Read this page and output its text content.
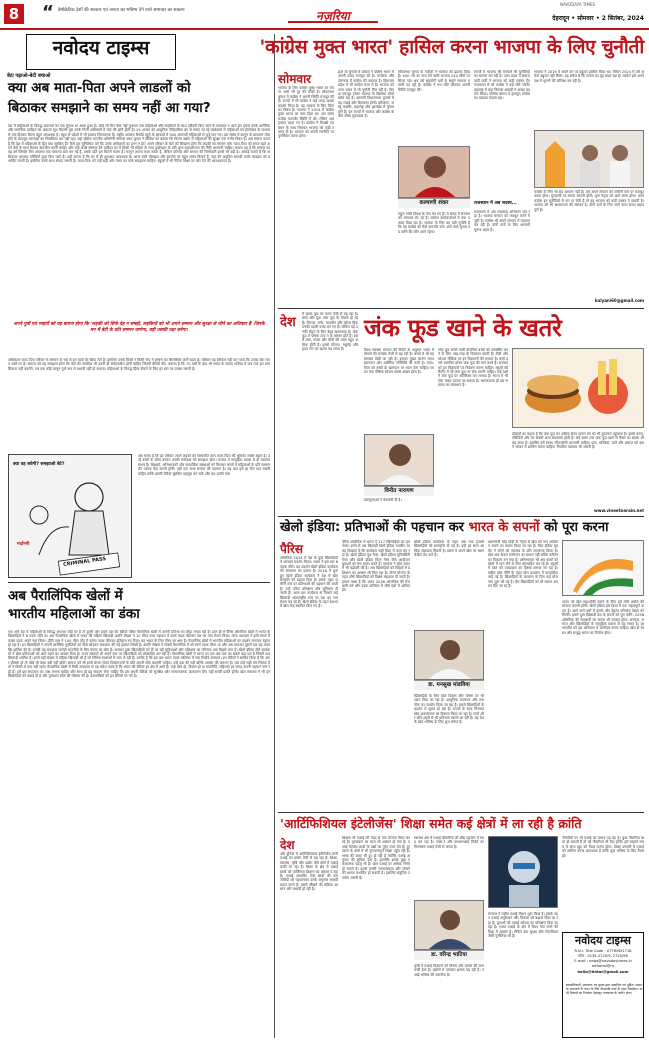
8	डेमोक्रेटिक देशों की सरकार एवं जनता का भविष्य देने वाले समाचार का संकल्प
“	नज़रिया
NAVODAYA TIMES
देहरादून • सोमवार • 2 सितंबर, 2024
नवोदय टाइम्स
बेटा पढ़ाओ-बेटी बचाओ
क्या अब माता-पिता अपने लाडलों को
बिठाकर समझाने का समय नहीं आ गया?
देश में महिलाओं के विरुद्ध अपराधों का एक सुचक था आया हुआ है। कोई भी दिन ऐसा नहीं गुजरता जब महिलाओं और लड़कियों के साथ दरिंदगी किए जाने के समाचार न आते हों। इससे उनके शारीरिक और मानसिक उत्पीड़न का अंदाजा सुध कितनी बुरा उनके निजी अधिकारों में चोट की हानि होती है। 29 अगस्त को आधुनिक ऐतिहासिक ढंग से मनाए जा रहे कार्यक्रमों में महिलाओं को होतोत्सव के माध्यम से एक हितकर बैठना बहुत आवश्यक है। बहुत से प्रदेशों में भी हालात चिंताजनक हैं। राष्ट्रीय अपराध रिकॉर्ड ब्यूरो के आंकड़ों में 300 अपराधी महिलाओं से जुड़े पाए गए। इस संबंध में कानून के प्रावधान ठोस होने के बावजूद घटनाओं का सिलसिला थम नहीं रहा। यहां दक्षिण भारतीय अभिनेत्री राधिका सरत कुमार ने मीडिया को बताया कि फिल्म उद्योग में महिलाओं की सुरक्षा एक गंभीर विषय है। अब सवाल उठता है कि देश में महिलाओं के हित क्या सुरक्षित हैं? कैसे हम सुनिश्चित करें कि उनके अधिकारों का हनन न हो? अपने परिवार के बेटों को सिखाना होगा कि लड़की का सम्मान करें। माता-पिता को समय रहते अपने बेटों के साथ बैठकर बातचीत करनी चाहिए और उन्हें अच्छे संस्कार देने चाहिए। घर में किसी भी महिला के साथ दुर्व्यवहार के प्रति शून्य सहनशीलता की नीति अपनानी चाहिए। सवाल यह है कि समाज का वह वर्ग जिसके लिए अपराध एक सामान्य बात बन गई है, उसके प्रति हम कितने सजग हैं। कानून अपना काम करता है, लेकिन परिवार और समाज की जिम्मेदारी इससे भी बड़ी है। आंकड़े बताते हैं कि अधिकतर अपराध परिचितों द्वारा किए जाते हैं। यही कारण है कि घर से ही शुरुआत आवश्यक है। आज बच्चे मोबाइल और इंटरनेट पर बहुत समय बिताते हैं, वहां की अनुचित सामग्री उनके व्यवहार को प्रभावित करती है। इसलिए उनके साथ संवाद जरूरी है। माता-पिता को उन्हें सही और गलत का फर्क समझाना चाहिए। स्कूलों में भी नैतिक शिक्षा पर जोर देने की आवश्यकता है।
अपने पुत्रों एवं भाइयों को यह बताना होगा कि 'लड़की को सिर्फ देह न समझें, लड़कियों को भी अपने सम्मान और सुरक्षा से जीने का अधिकार है' जिनके मन में बेटी के प्रति सम्मान जागेगा, वही उसकी रक्षा करेगा।
अधिकतर माता-पिता परिवार के सम्मान के भय से इन बातों को छिपा लेते हैं। इसलिए उनके किसी न किसी रूप में शोषण का सिलसिला जारी रहता है। परिवार यह स्वीकार नहीं कर पाता कि उनका बेटा गलत रास्ते पर है। समाज को यह समझना होगा कि बेटों की परवरिश भी उतनी ही संवेदनशील होनी चाहिए जितनी बेटियों की। जरूरत है कि 70 वर्षों के बाद भी भारत के स्वतंत्र भविष्य में जब तक हम मानसिकता नहीं बदलेंगे, तब तक कोई कानून पूर्ण रूप से प्रभावी नहीं हो सकता। महिलाओं के विरुद्ध हिंसा रोकने के लिए हर स्तर पर प्रयास जरूरी है।
क्या वह बचेगी? समझाओ बेटे?
CRIMINAL PASS
मर्दानगी
अब समय है कि हर परिवार अपने लड़कों को संस्कारित करे। माता-पिता की भूमिका सबसे अहम है। उन्हें बच्चों के दोस्त बनकर उनकी मनोदशा को समझना होगा। समाज में सामूहिक प्रयास से ही बदलाव संभव है। शिक्षकों, अभिभावकों और सामाजिक संस्थाओं को मिलकर बच्चों में महिलाओं के प्रति सम्मान की भावना पैदा करनी होगी। यही एक सभ्य समाज की पहचान है। यह बात हमें हर दिन याद रखनी चाहिए ताकि हमारी बेटियां सुरक्षित महसूस कर सकें और देश प्रगति करे।
अब पैरालिंपिक खेलों में
भारतीय महिलाओं का डंका
एक ओर देश में महिलाओं के विरुद्ध अपराध जोड़े पर हैं तो दूसरी ओर हमारे देश की बेटियां पेरिस पैरालंपिक खेलों में अपनी प्रतिभा का लोहा मनवा रही हैं। हाल ही में पैरिस ओलंपिक खेलों में भारत के खिलाड़ियों ने 6 पदक जीते थे। अब पैरालंपिक खेलों में भारत की महिला खिलाड़ी अवनि लेखरा ने 10 मीटर एयर राइफल में स्वर्ण पदक जीतकर देश का नाम रोशन किया। मोना अग्रवाल ने इसी स्पर्धा में कांस्य पदक अपने नाम किया। प्रीति पाल ने 100 मीटर दौड़ में कांस्य पदक जीतकर इतिहास रच दिया। यह भारत के लिए गौरव का क्षण है। पैरालंपिक खेलों में भारतीय महिलाओं का प्रदर्शन लगातार बेहतर हो रहा है। इन खिलाड़ियों ने अपनी शारीरिक चुनौतियों को पीछे छोड़कर सफलता की नई इबारत लिखी है। अवनि लेखरा ने टोक्यो पैरालंपिक में भी स्वर्ण पदक जीता था और अब लगातार दूसरी बार यह उपलब्धि हासिल की है। उनकी यह सफलता करोड़ों भारतीयों के लिए प्रेरणा का स्रोत है। सरकार द्वारा खिलाड़ियों को दी जा रही सुविधाओं और प्रशिक्षण का परिणाम अब दिखने लगा है। खेलो इंडिया जैसे कार्यक्रमों ने खेल प्रतिभाओं को आगे बढ़ने का अवसर दिया है। राज्य सरकारें भी अपने स्तर पर खिलाड़ियों को प्रोत्साहित कर रही हैं। पैरालंपिक खेलों में भारत का दल अब तक का सबसे बड़ा दल है जिसमें 84 खिलाड़ी शामिल हैं। इनमें बड़ी संख्या में महिला खिलाड़ी भी हैं जो विभिन्न स्पर्धाओं में भाग ले रही हैं। उम्मीद है कि इस बार भारत पदक तालिका में नया रिकॉर्ड बनाएगा। इन बेटियों ने साबित किया है कि अगर हौसला हो तो कोई भी बाधा बड़ी नहीं होती। समाज को भी इनसे प्रेरणा लेकर दिव्यांगजनों के प्रति अपनी सोच बदलनी चाहिए। उन्हें दया की नहीं बल्कि अवसर की जरूरत है। जब उन्हें सही मंच मिलता है तो वे किसी से कम नहीं रहते। पैरालंपिक खेलों में मिली सफलता से यह संदेश जाता है कि भारत की बेटियां हर क्षेत्र में आगे हैं। चाहे खेल हो, विज्ञान हो या राजनीति, महिलाएं हर जगह अपनी पहचान बना रही हैं। हमें इस सफलता का जश्न मनाना चाहिए और साथ ही यह संकल्प लेना चाहिए कि हम अपनी बेटियों को सुरक्षित और सम्मानजनक वातावरण देंगे। यही सच्ची प्रगति होगी। खेल मंत्रालय ने भी इन खिलाड़ियों को बधाई दी है और पुरस्कार राशि की घोषणा की है। देशवासियों को इन बेटियों पर गर्व है।
'कांग्रेस मुक्त भारत' हासिल करना भाजपा के लिए चुनौती
सोमवार
भाजपा के लिए कांग्रेस मुक्त भारत का सपना अभी भी दूर की कौड़ी है। लोकसभा चुनाव में कांग्रेस ने अपनी स्थिति मजबूत की है। राज्यों में भी कांग्रेस ने कई जगह अच्छा प्रदर्शन किया है। यह भाजपा के लिए चिंता का विषय है। भाजपा ने 2014 में कांग्रेस मुक्त भारत का नारा दिया था। उस समय कांग्रेस कमजोर स्थिति में थी। लेकिन अब हालात बदल गए हैं। कांग्रेस ने विपक्षी गठबंधन के साथ मिलकर भाजपा को कड़ी टक्कर दी है। भाजपा को अपनी रणनीति पर पुनर्विचार करना होगा।
हाल के चुनावों में कांग्रेस ने दक्षिण भारत में अपनी पकड़ मजबूत की है। कर्नाटक और तेलंगाना में कांग्रेस की सरकार है। हिमाचल प्रदेश में भी कांग्रेस सत्ता में है। भाजपा को उत्तर भारत में भी चुनौती मिल रही है। विपक्ष एकजुट होकर भाजपा के खिलाफ मोर्चा खोल रहा है। आगामी विधानसभा चुनावों में यह लड़ाई और दिलचस्प होगी। हरियाणा, जम्मू कश्मीर, महाराष्ट्र और झारखंड में चुनाव होने हैं। इन राज्यों में भाजपा और कांग्रेस के बीच सीधा मुकाबला है।
कल्याणी शंकर
लोकसभा चुनाव के नतीजों ने भाजपा को झटका दिया है। 400 पार का नारा देने वाली भाजपा 240 सीटों पर सिमट गई। अब उसे सहयोगी दलों के सहारे सरकार चलानी पड़ रही है। कांग्रेस ने 99 सीटें जीतकर अपनी स्थिति मजबूत की।
राहुल गांधी विपक्ष के नेता बन गए हैं। वे संसद में सरकार को लगातार घेर रहे हैं। कांग्रेस कार्यकर्ताओं में नया उत्साह दिख रहा है। भाजपा के लिए यह बड़ी चुनौती है कि वह कांग्रेस को कैसे कमजोर करे। आने वाले चुनाव तय करेंगे कि कौन आगे रहेगा।
राजस्थान में अब सदस्य...
राज्यों में भाजपा की सरकारें भी चुनौतियों का सामना कर रही हैं। उत्तर प्रदेश में समाजवादी पार्टी ने भाजपा को कड़ी टक्कर दी। राजस्थान में भी कांग्रेस ने कई सीटें जीतीं। महाराष्ट्र में महा विकास अघाड़ी ने अच्छा प्रदर्शन किया। पश्चिम बंगाल में तृणमूल कांग्रेस का दबदबा कायम रहा।
राजस्थान में अब सदस्यता अभियान चल रहा है। भाजपा संगठन को मजबूत करने में जुटी है। कांग्रेस भी अपने संगठन में बदलाव कर रही है। दोनों दलों के लिए आगामी चुनाव अहम हैं।
भाजपा ने 2019 में अपने दम पर बहुमत हासिल किया था। लेकिन 2024 में उसे अकेले बहुमत नहीं मिला। यह संकेत है कि जनता का मूड बदल रहा है। कांग्रेस इसे अपने पक्ष में भुनाने की कोशिश कर रही है।
कांग्रेस के लिए भी राह आसान नहीं है। उसे अपने संगठन को जमीनी स्तर पर मजबूत करना होगा। गुटबाजी पर लगाम लगानी होगी। युवा नेतृत्व को आगे लाना होगा। अगर कांग्रेस इन चुनौतियों से पार पा लेती है तो वह भाजपा को कड़ी टक्कर दे सकती है। भाजपा को भी आत्ममंथन की जरूरत है। दोनों दलों के लिए आने वाला समय महत्वपूर्ण है।
kalyani60@gmail.com
देश
में फास्ट फूड का चलन तेजी से बढ़ रहा है। बच्चे और युवा जंक फूड के दीवाने हो रहे हैं। पिज्जा, बर्गर, चाउमीन और कोल्ड ड्रिंक उनकी पहली पसंद बन गए हैं। लेकिन यह उनकी सेहत के लिए बेहद खतरनाक है। जंक फूड में पोषक तत्व न के बराबर होते हैं। इसमें वसा, नमक और चीनी की मात्रा बहुत अधिक होती है। इससे मोटापा, मधुमेह और हृदय रोग का खतरा बढ़ जाता है।
जंक फूड खाने के खतरे
विश्व स्वास्थ्य संगठन की रिपोर्ट के अनुसार भारत में मोटापे की समस्या तेजी से बढ़ रही है। बच्चों में भी यह समस्या देखी जा रही है। इसका मुख्य कारण गलत खानपान और शारीरिक गतिविधि की कमी है। माता-पिता को बच्चों के खानपान पर ध्यान देना चाहिए। घर का बना पौष्टिक भोजन सबसे अच्छा होता है।
विनीत नारायण
डब्ल्यूएचओ ने चेतावनी दी है।
जंक फूड बनाने वाली कंपनियां बच्चों को आकर्षित करने के लिए तरह-तरह के विज्ञापन करती हैं। टीवी और सोशल मीडिया पर इन विज्ञापनों की भरमार है। बच्चे इनसे प्रभावित होकर जंक फूड की मांग करते हैं। सरकार को इन विज्ञापनों पर नियंत्रण करना चाहिए। स्कूलों की कैंटीन में भी जंक फूड पर रोक लगनी चाहिए। कई देशों ने जंक फूड पर अतिरिक्त कर लगाया है। भारत में भी ऐसा कदम उठाया जा सकता है। जागरूकता ही इस समस्या का समाधान है।
डॉक्टरों का कहना है कि जंक फूड का अधिक सेवन पाचन तंत्र को भी नुकसान पहुंचाता है। इससे कब्ज, एसिडिटी और पेट संबंधी अन्य समस्याएं होती हैं। लंबे समय तक जंक फूड खाने से कैंसर का खतरा भी बढ़ जाता है। इसलिए हमें स्वस्थ जीवनशैली अपनानी चाहिए। फल, सब्जियां, दालें और अनाज को अपने भोजन में शामिल करना चाहिए। नियमित व्यायाम भी जरूरी है।
www.vineetnarain.net
खेलो इंडिया: प्रतिभाओं की पहचान कर भारत के सपनों को पूरा करना
पैरिस
ओलंपिक 2024 में देश के युवा खिलाड़ियों ने शानदार प्रदर्शन किया। भारत ने इस बार 6 पदक जीते। यह प्रदर्शन खेलो इंडिया कार्यक्रम की सफलता का प्रमाण है। 2018 में शुरू हुए खेलो इंडिया कार्यक्रम ने देश में खेल संस्कृति को बढ़ावा दिया है। इसके तहत जमीनी स्तर पर प्रतिभाओं की पहचान की जाती है। उन्हें उचित प्रशिक्षण और सुविधाएं दी जाती हैं। आज इस कार्यक्रम से निकले कई खिलाड़ी अंतरराष्ट्रीय स्तर पर देश का नाम रोशन कर रहे हैं। खेलो इंडिया के तहत देशभर में खेल केंद्र स्थापित किए गए हैं।
पेरिस ओलंपिक में भारत ने 117 खिलाड़ियों का दल भेजा। इनमें से 28 खिलाड़ी खेलो इंडिया एथलीट थे। यह दिखाता है कि कार्यक्रम सही दिशा में काम कर रहा है। खेलो इंडिया यूथ गेम्स, खेलो इंडिया यूनिवर्सिटी गेम्स और खेलो इंडिया विंटर गेम्स जैसे आयोजन युवाओं को मंच प्रदान करते हैं। सरकार ने खेल बजट में भी बढ़ोतरी की है। अब खिलाड़ियों को विदेशों में प्रशिक्षण का अवसर भी मिल रहा है। टॉप्स योजना के तहत शीर्ष खिलाड़ियों को विशेष सहायता दी जाती है। हमारा लक्ष्य है कि भारत 2036 ओलंपिक की मेजबानी करे और पदक तालिका में शीर्ष देशों में शामिल हो।
खेलो इंडिया कार्यक्रम के तहत अब तक हजारों खिलाड़ियों को छात्रवृत्ति दी गई है। इन्हें हर साल आर्थिक सहायता मिलती है। इससे वे अपने खेल पर ध्यान केंद्रित कर पाते हैं।
डा. मनसुख मांडविया
खिलाड़ियों के लिए खेल विज्ञान और पोषण पर भी ध्यान दिया जा रहा है। आधुनिक उपकरण और तकनीक का उपयोग किया जा रहा है। इससे खिलाड़ियों के प्रदर्शन में सुधार हो रहा है। राज्यों के साथ मिलकर खेल अवसंरचना का विकास किया जा रहा है। गांवों और छोटे शहरों से भी प्रतिभाएं सामने आ रही हैं। यह देश के खेल भविष्य के लिए शुभ संकेत है।
प्रधानमंत्री नरेंद्र मोदी के नेतृत्व में खेल को जन आंदोलन बनाने का प्रयास किया जा रहा है। फिट इंडिया मूवमेंट ने लोगों को स्वास्थ्य के प्रति जागरूक किया है। खेल अब केवल मनोरंजन का साधन नहीं बल्कि करियर का विकल्प बन गया है। अभिभावक भी अब बच्चों को खेलों में भाग लेने के लिए प्रोत्साहित कर रहे हैं। स्कूलों में खेल को पाठ्यक्रम का हिस्सा बनाया जा रहा है। राष्ट्रीय खेल नीति के तहत खेल प्रशासन में पारदर्शिता लाई गई है। खिलाड़ियों के कल्याण के लिए कई योजनाएं शुरू की गई हैं। पैरा खिलाड़ियों को भी समान अवसर दिए जा रहे हैं।
भारत को खेल महाशक्ति बनाने के लिए हमें लंबी अवधि की योजना बनानी होगी। खेलो इंडिया इस दिशा में एक महत्वपूर्ण कदम है। आने वाले वर्षों में इसके और बेहतर परिणाम देखने को मिलेंगे। हमारे युवा खिलाड़ी देश के सपनों को पूरा करेंगे। 2036 ओलंपिक की मेजबानी का सपना भी साकार होगा। सरकार, समाज और खिलाड़ियों के सामूहिक प्रयास से यह संभव है। हर भारतीय को इस अभियान में भागीदार बनना चाहिए। खेल से स्वस्थ और समृद्ध भारत का निर्माण होगा।
'आर्टिफिशियल इंटेलीजेंस' शिक्षा समेत कई क्षेत्रों में ला रही है क्रांति
देश
और दुनिया में आर्टिफिशियल इंटेलिजेंस यानी एआई का प्रयोग तेजी से बढ़ रहा है। शिक्षा, स्वास्थ्य, कृषि और उद्योग जैसे क्षेत्रों में एआई क्रांति ला रहा है। शिक्षा के क्षेत्र में एआई छात्रों को व्यक्तिगत शिक्षण का अवसर दे रहा है। एआई आधारित ऐप्स छात्रों की कमजोरियों को पहचानकर उनके अनुसार सामग्री प्रदान करते हैं। इससे सीखने की प्रक्रिया आसान और प्रभावी हो रही है।
शिक्षक भी एआई की मदद से पाठ योजना तैयार कर रहे हैं। मूल्यांकन का काम भी आसान हो गया है। एआई चैटबॉट छात्रों के प्रश्नों का तुरंत उत्तर देते हैं। दूरदराज के क्षेत्रों में भी गुणवत्तापूर्ण शिक्षा पहुंच रही है। भाषा की बाधा भी दूर हो रही है क्योंकि एआई अनुवाद की सुविधा देता है। हालांकि इसके कुछ नकारात्मक पहलू भी हैं। छात्र एआई पर अधिक निर्भर हो सकते हैं। इससे उनकी रचनात्मकता और सोचने की क्षमता प्रभावित हो सकती है। इसलिए संतुलित उपयोग जरूरी है।
स्वास्थ्य क्षेत्र में एआई बीमारियों की शीघ्र पहचान में मदद कर रहा है। एक्स-रे और एमआरआई रिपोर्ट का विश्लेषण एआई तेजी से करता है।
डा. वरिन्द्र भाटिया
कृषि में एआई किसानों को मौसम और फसल की जानकारी देता है। उद्योगों में उत्पादन क्षमता बढ़ रही है। एआई भविष्य की तकनीक है।
सरकार ने राष्ट्रीय एआई मिशन शुरू किया है। इसके तहत एआई अनुसंधान और विकास को बढ़ावा दिया जा रहा है। युवाओं को एआई कौशल का प्रशिक्षण दिया जा रहा है। भारत एआई के क्षेत्र में विश्व नेता बनने की दिशा में अग्रसर है। लेकिन डेटा सुरक्षा और गोपनीयता जैसी चुनौतियां भी हैं।
नौकरियों पर भी एआई का प्रभाव पड़ रहा है। कुछ नौकरियां खत्म हो सकती हैं तो नई नौकरियां भी पैदा होंगी। हमें बदलते समय के साथ खुद को तैयार करना होगा। शिक्षा प्रणाली में एआई को शामिल करना आवश्यक है ताकि युवा भविष्य के लिए तैयार हों।
नवोदय टाइम्स
R.N.I. Title Code : UTTHIN51718
फोन : 0135-2720/9, 2720/96
E-mail : news@navodaytimes.in
editorial@nt
hello@hhtai@gmail.com
स्वत्वाधिकारी, प्रकाशक एवं मुद्रक द्वारा प्रकाशित एवं मुद्रित। संपादक समाचारों के चयन के लिए पीआरबी एक्ट के तहत जिम्मेदार। सभी विवादों का निपटारा देहरादून न्यायालय के अधीन होगा।
